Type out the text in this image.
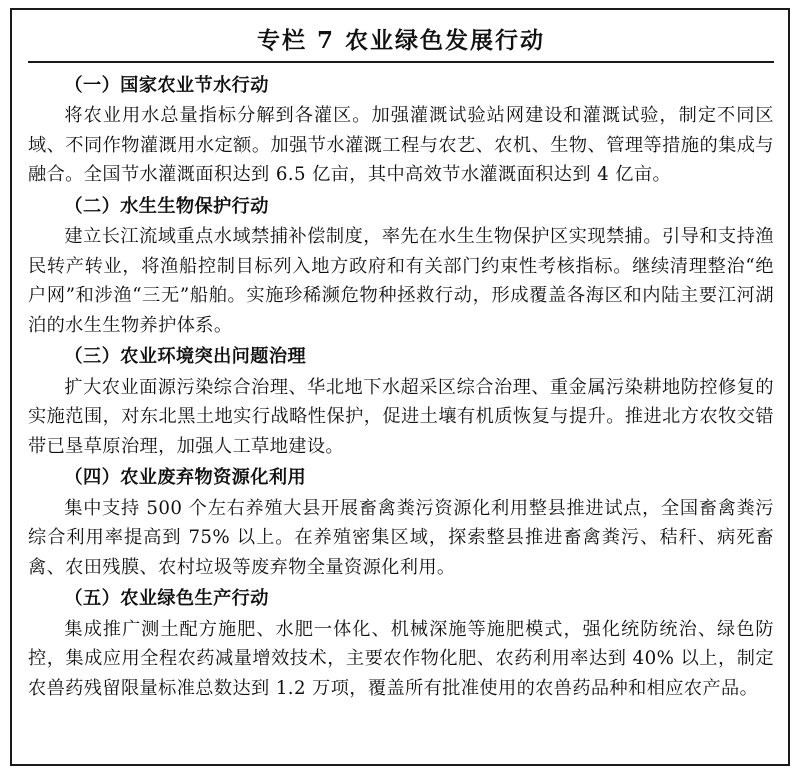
专栏 7 农业绿色发展行动
（一）国家农业节水行动

将农业用水总量指标分解到各灌区。加强灌溉试验站网建设和灌溉试验，制定不同区域、不同作物灌溉用水定额。加强节水灌溉工程与农艺、农机、生物、管理等措施的集成与融合。全国节水灌溉面积达到 6.5 亿亩，其中高效节水灌溉面积达到 4 亿亩。

（二）水生生物保护行动

建立长江流域重点水域禁捕补偿制度，率先在水生生物保护区实现禁捕。引导和支持渔民转产转业，将渔船控制目标列入地方政府和有关部门约束性考核指标。继续清理整治“绝户网”和涉渔“三无”船舶。实施珍稀濒危物种拯救行动，形成覆盖各海区和内陆主要江河湖泊的水生生物养护体系。

（三）农业环境突出问题治理

扩大农业面源污染综合治理、华北地下水超采区综合治理、重金属污染耕地防控修复的实施范围，对东北黑土地实行战略性保护，促进土壤有机质恢复与提升。推进北方农牧交错带已垦草原治理，加强人工草地建设。

（四）农业废弃物资源化利用

集中支持 500 个左右养殖大县开展畜禽粪污资源化利用整县推进试点，全国畜禽粪污综合利用率提高到 75% 以上。在养殖密集区域，探索整县推进畜禽粪污、秸秆、病死畜禽、农田残膜、农村垃圾等废弃物全量资源化利用。

（五）农业绿色生产行动

集成推广测土配方施肥、水肥一体化、机械深施等施肥模式，强化统防统治、绿色防控，集成应用全程农药减量增效技术，主要农作物化肥、农药利用率达到 40% 以上，制定农兽药残留限量标准总数达到 1.2 万项，覆盖所有批准使用的农兽药品种和相应农产品。
